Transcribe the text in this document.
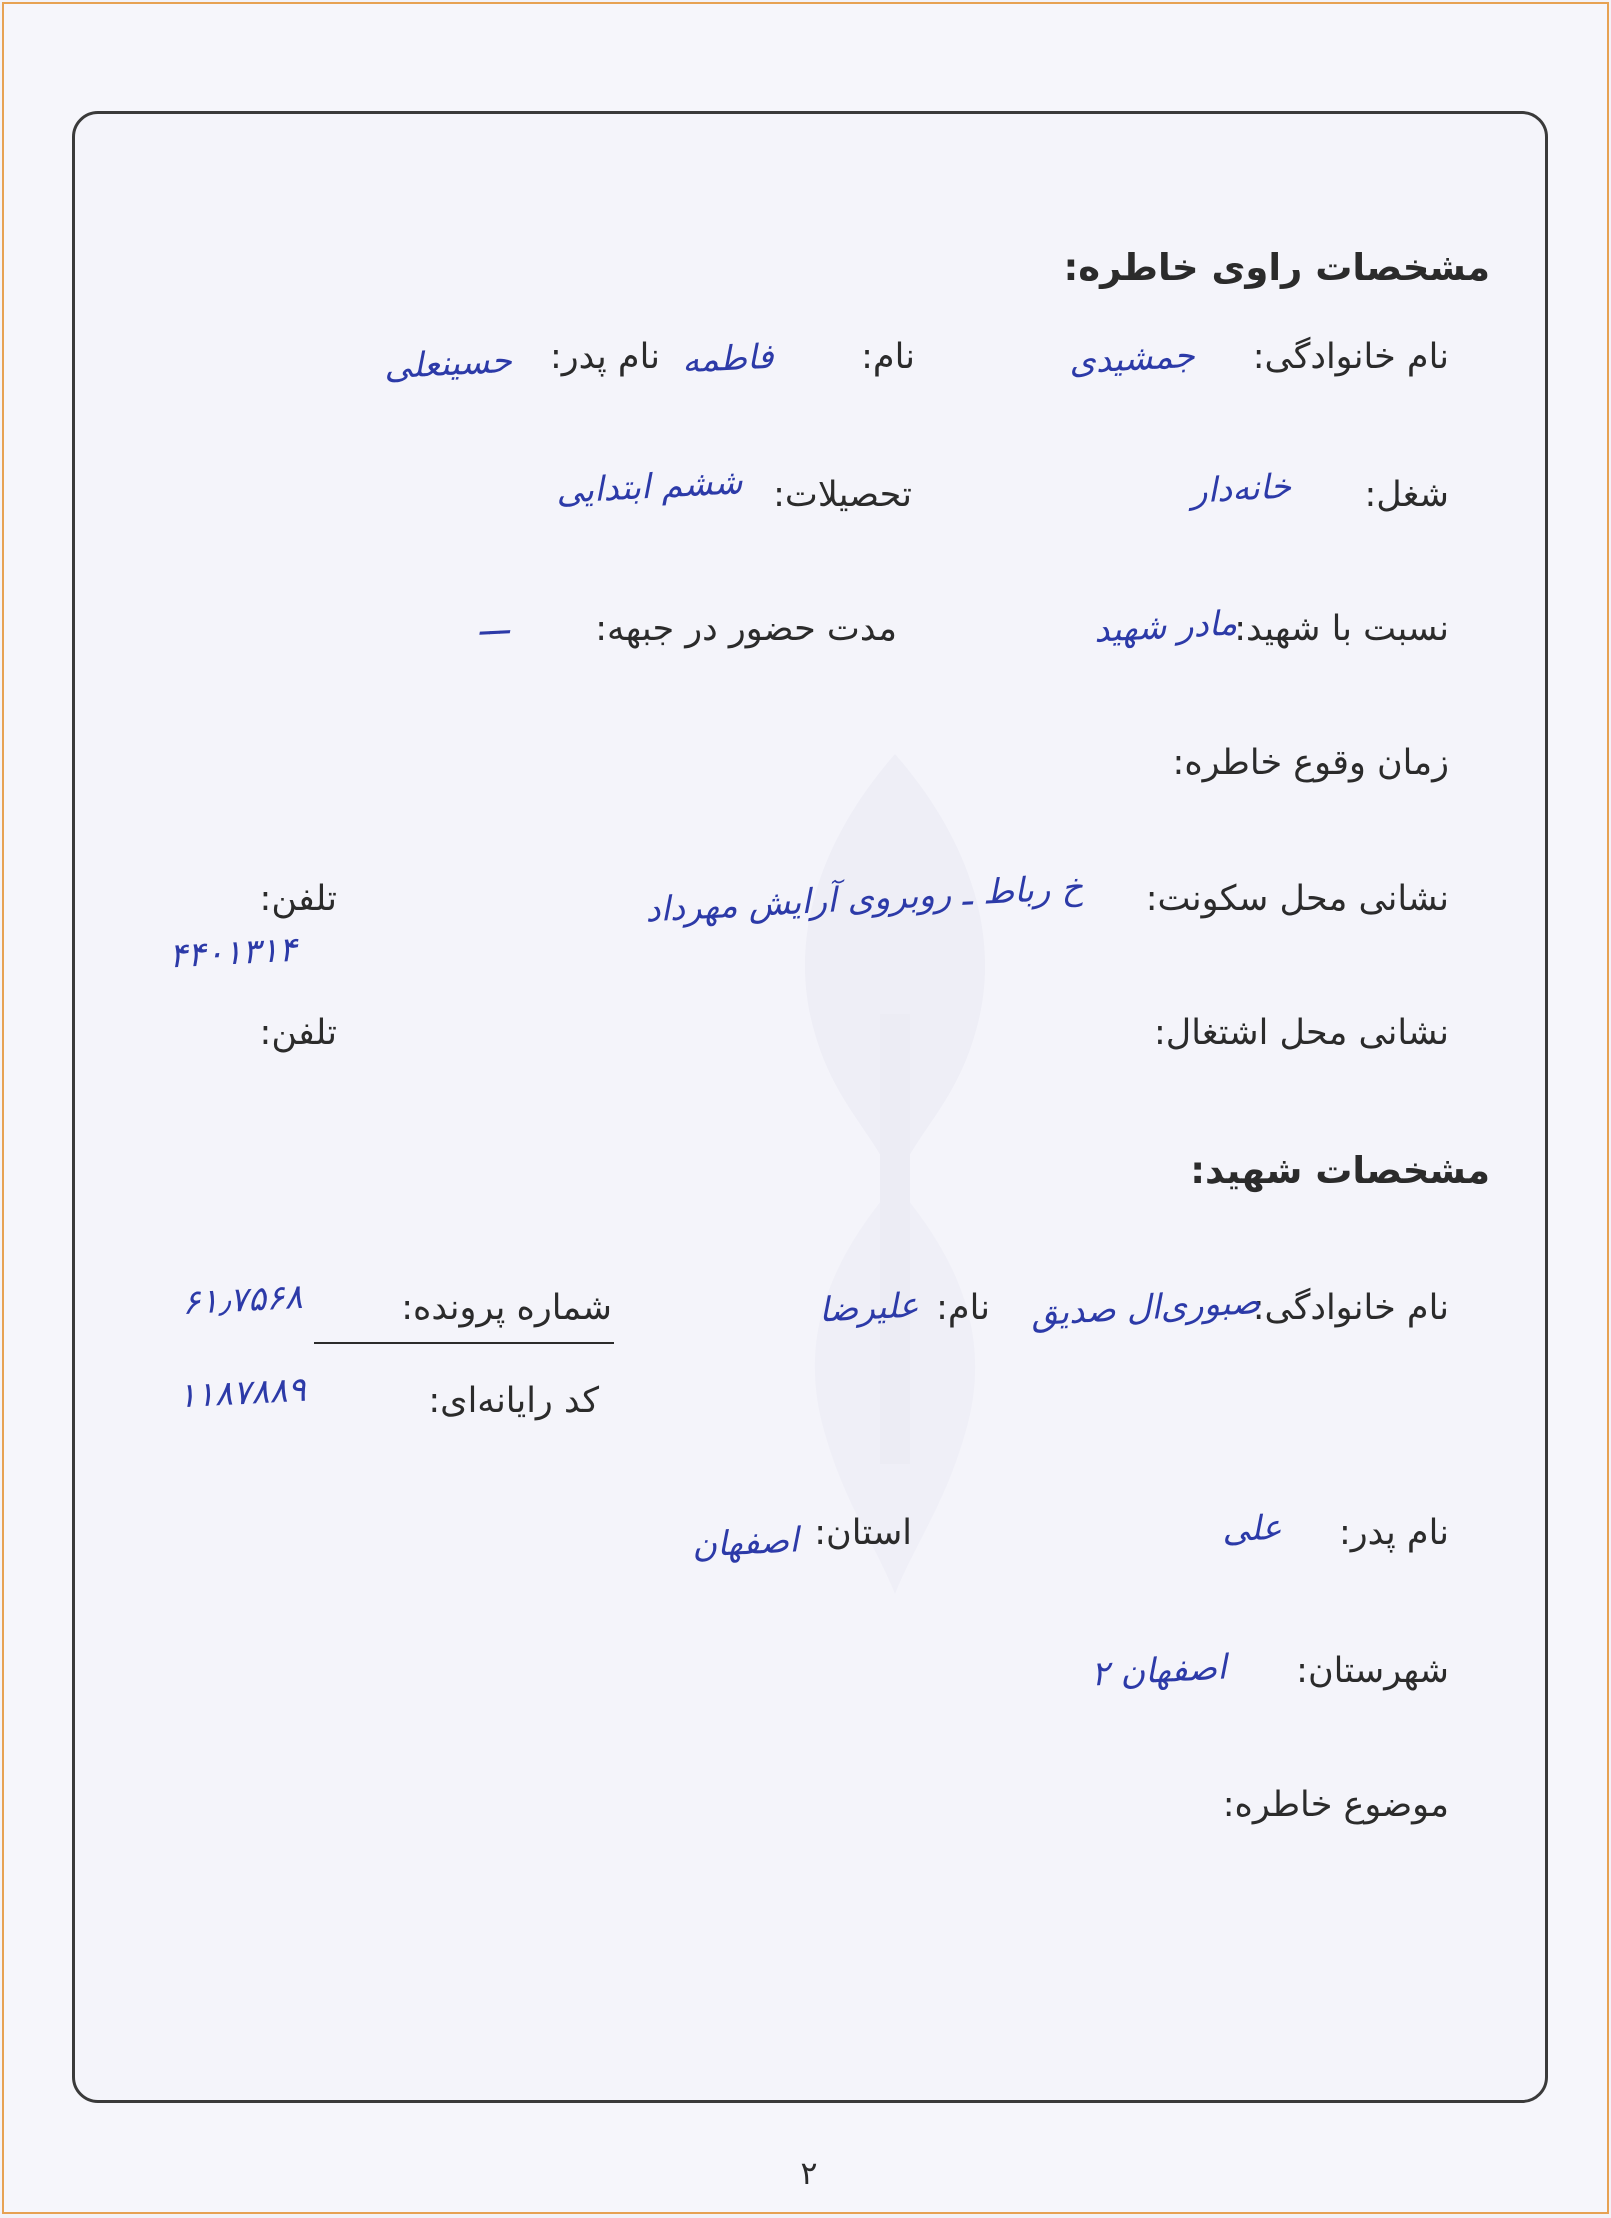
مشخصات راوی خاطره:
نام خانوادگی:
جمشیدی
نام:
فاطمه
نام پدر:
حسینعلی
شغل:
خانه‌دار
تحصیلات:
ششم ابتدایی
نسبت با شهید:
مادر شهید
مدت حضور در جبهه:
ـــ
زمان وقوع خاطره:
نشانی محل سکونت:
خ رباط ـ روبروی آرایش مهرداد
تلفن:
۴۴۰۱۳۱۴
نشانی محل اشتغال:
تلفن:
مشخصات شهید:
نام خانوادگی:
صبوری‌ال صدیق
نام:
علیرضا
شماره پرونده:
۶۱٫۷۵۶۸
کد رایانه‌ای:
۱۱۸۷۸۸۹
نام پدر:
علی
استان:
اصفهان
شهرستان:
اصفهان ۲
موضوع خاطره:
۲
